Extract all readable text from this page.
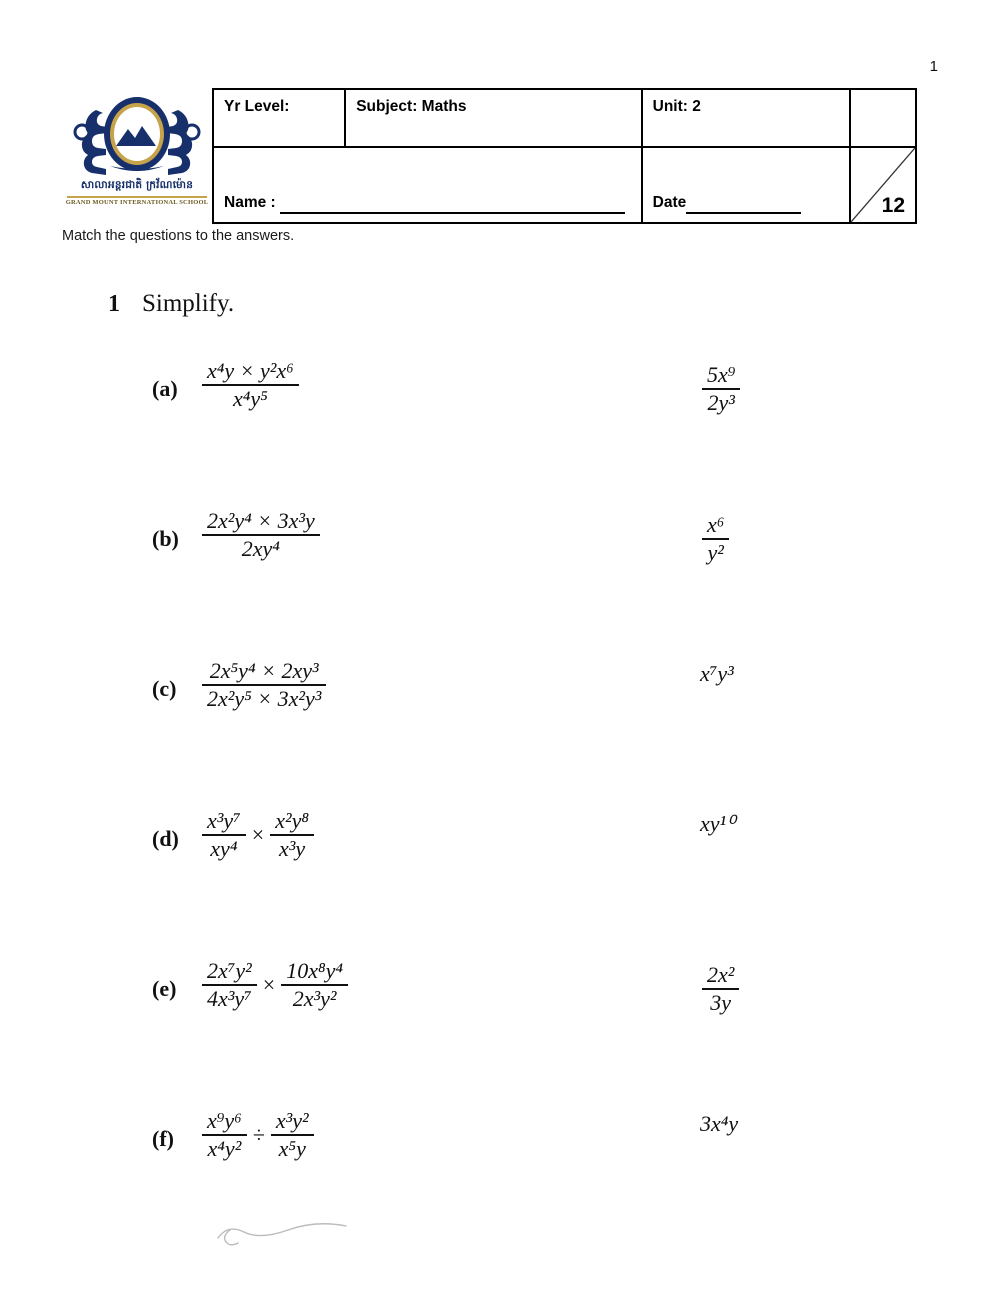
1
សាលាអន្តរជាតិ ក្រវ័ណម៉ោន
GRAND MOUNT INTERNATIONAL SCHOOL
Yr Level:	Subject: Maths	Unit: 2	
Name :		Date	12
Match the questions to the answers.
1 Simplify.
$(a) \frac{\text{x⁴y × y²x⁶}}{\text{x⁴y⁵}}$	$\frac{\text{5x⁹}}{\text{2y³}}$
$(b) \frac{\text{2x²y⁴ × 3x³y}}{\text{2xy⁴}}$	$\frac{\text{x⁶}}{\text{y²}}$
$(c) \frac{\text{2x⁵y⁴ × 2xy³}}{\text{2x²y⁵ × 3x²y³}}$	x⁷y³
$(d) \frac{\text{x³y⁷}}{\text{xy⁴}} \times \frac{\text{x²y⁸}}{\text{x³y}}$	xy¹⁰
$(e) \frac{\text{2x⁷y²}}{\text{4x³y⁷}} \times \frac{\text{10x⁸y⁴}}{\text{2x³y²}}$	$\frac{\text{2x²}}{3y}$
$(f) \frac{\text{x⁹y⁶}}{\text{x⁴y²}} \div \frac{\text{x³y²}}{\text{x⁵y}}$	3x⁴y
